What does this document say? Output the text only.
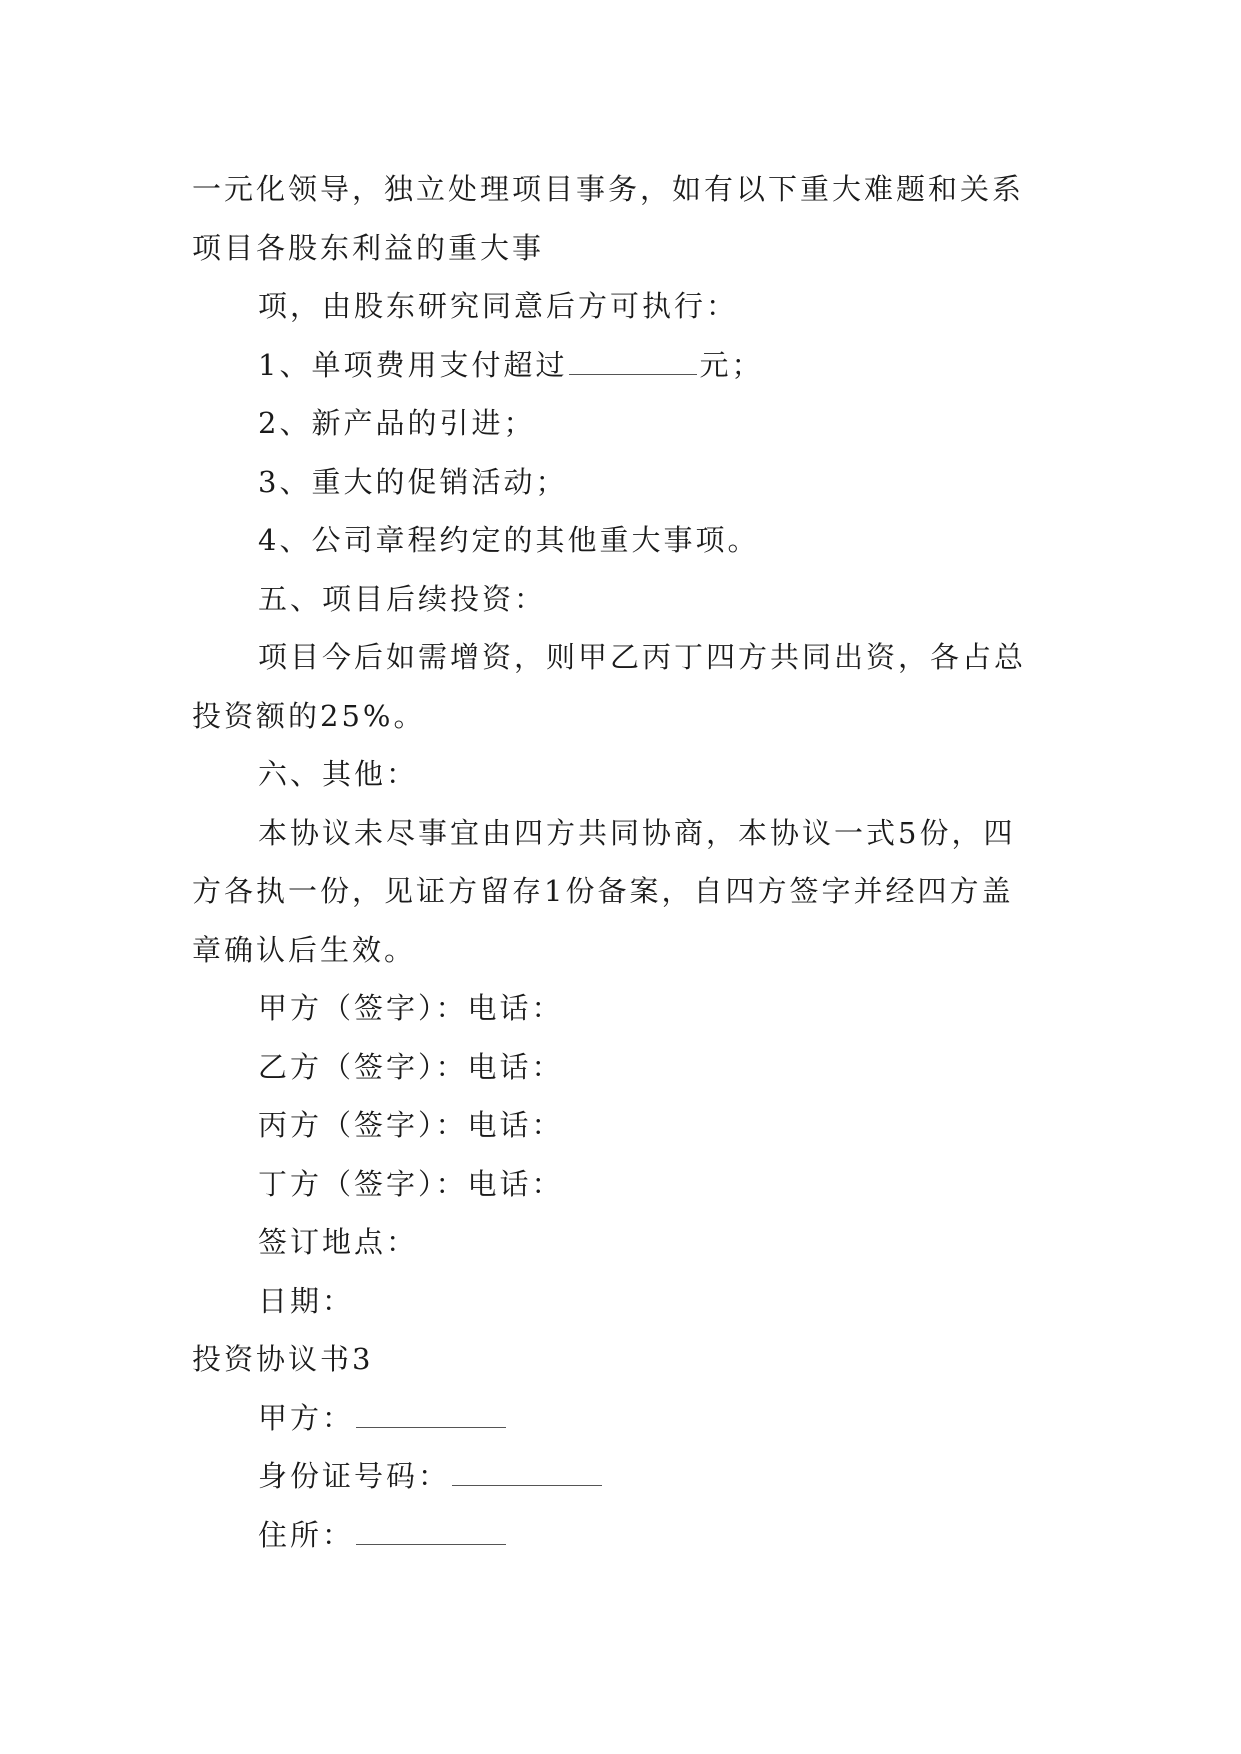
一元化领导，独立处理项目事务，如有以下重大难题和关系

项目各股东利益的重大事

项，由股东研究同意后方可执行：

1、单项费用支付超过	元；

2、新产品的引进；

3、重大的促销活动；

4、公司章程约定的其他重大事项。

五、项目后续投资：

项目今后如需增资，则甲乙丙丁四方共同出资，各占总

投资额的25%。

六、其他：

本协议未尽事宜由四方共同协商，本协议一式5份，四

方各执一份，见证方留存1份备案，自四方签字并经四方盖

章确认后生效。

甲方（签字）：电话：

乙方（签字）：电话：

丙方（签字）：电话：

丁方（签字）：电话：

签订地点：

日期：

投资协议书3

甲方：

身份证号码：

住所：
